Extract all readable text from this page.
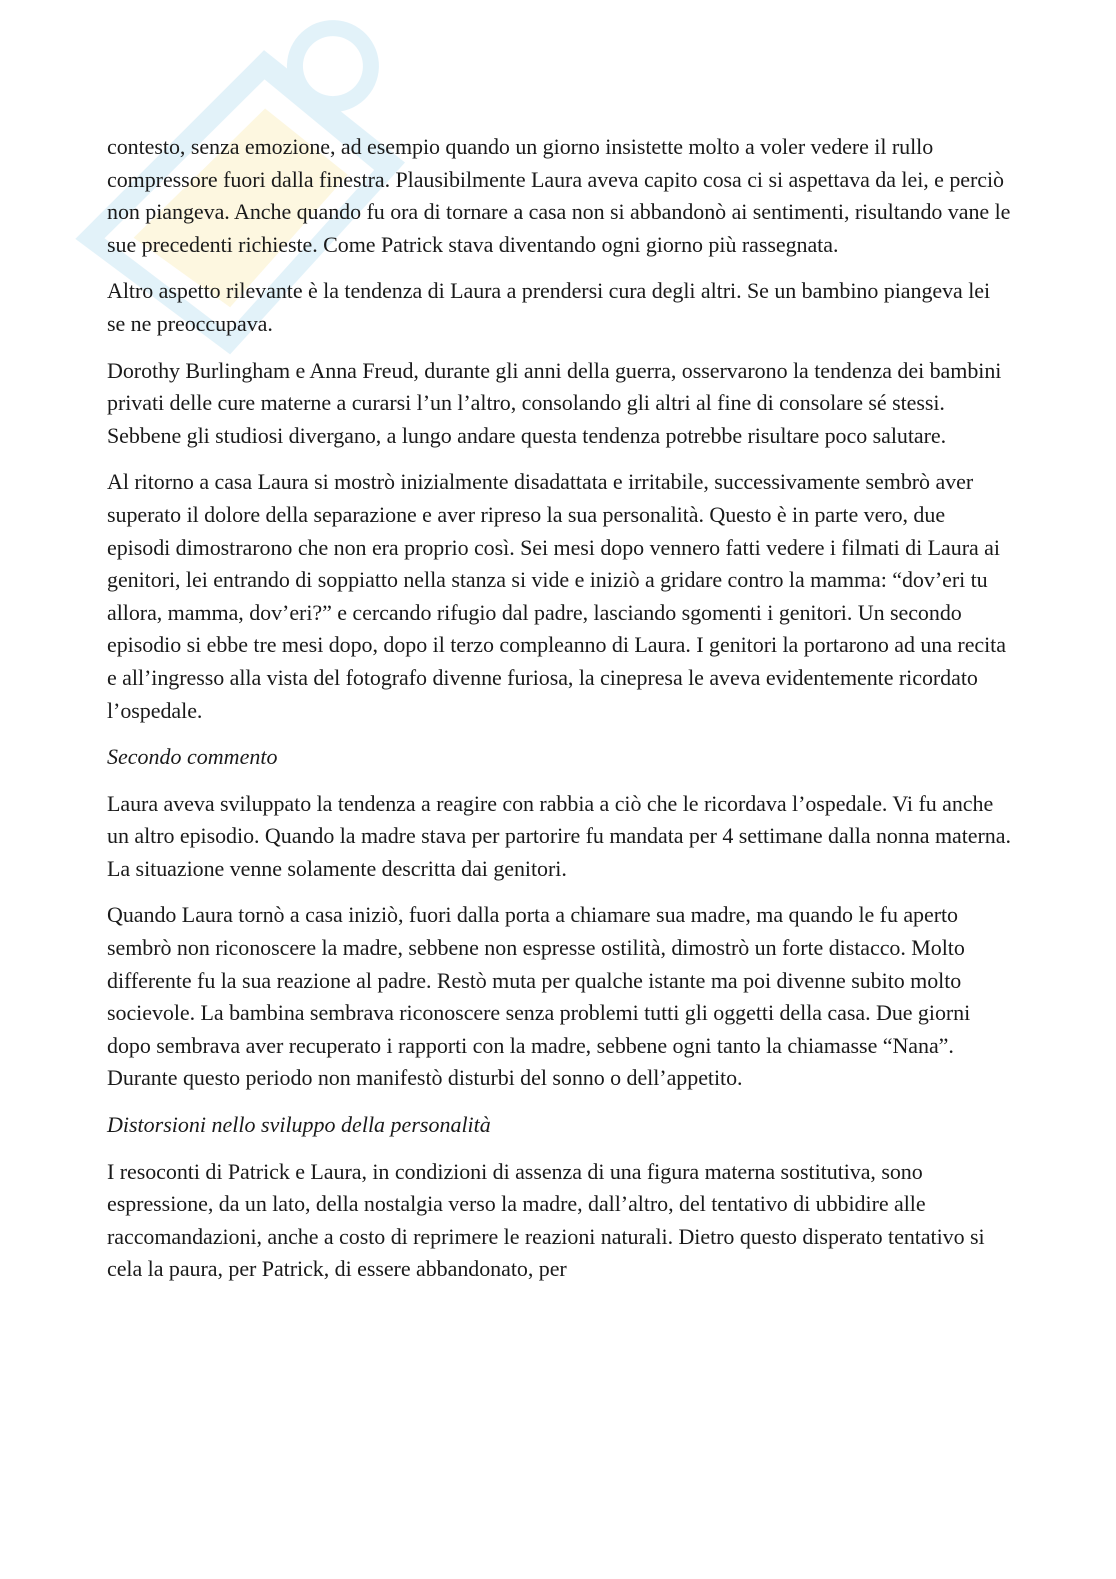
contesto, senza emozione, ad esempio quando un giorno insistette molto a voler vedere il rullo compressore fuori dalla finestra. Plausibilmente Laura aveva capito cosa ci si aspettava da lei, e perciò non piangeva. Anche quando fu ora di tornare a casa non si abbandonò ai sentimenti, risultando vane le sue precedenti richieste. Come Patrick stava diventando ogni giorno più rassegnata.

Altro aspetto rilevante è la tendenza di Laura a prendersi cura degli altri. Se un bambino piangeva lei se ne preoccupava.

Dorothy Burlingham e Anna Freud, durante gli anni della guerra, osservarono la tendenza dei bambini privati delle cure materne a curarsi l’un l’altro, consolando gli altri al fine di consolare sé stessi. Sebbene gli studiosi divergano, a lungo andare questa tendenza potrebbe risultare poco salutare.

Al ritorno a casa Laura si mostrò inizialmente disadattata e irritabile, successivamente sembrò aver superato il dolore della separazione e aver ripreso la sua personalità. Questo è in parte vero, due episodi dimostrarono che non era proprio così. Sei mesi dopo vennero fatti vedere i filmati di Laura ai genitori, lei entrando di soppiatto nella stanza si vide e iniziò a gridare contro la mamma: “dov’eri tu allora, mamma, dov’eri?” e cercando rifugio dal padre, lasciando sgomenti i genitori. Un secondo episodio si ebbe tre mesi dopo, dopo il terzo compleanno di Laura. I genitori la portarono ad una recita e all’ingresso alla vista del fotografo divenne furiosa, la cinepresa le aveva evidentemente ricordato l’ospedale.

Secondo commento

Laura aveva sviluppato la tendenza a reagire con rabbia a ciò che le ricordava l’ospedale. Vi fu anche un altro episodio. Quando la madre stava per partorire fu mandata per 4 settimane dalla nonna materna. La situazione venne solamente descritta dai genitori.

Quando Laura tornò a casa iniziò, fuori dalla porta a chiamare sua madre, ma quando le fu aperto sembrò non riconoscere la madre, sebbene non espresse ostilità, dimostrò un forte distacco. Molto differente fu la sua reazione al padre. Restò muta per qualche istante ma poi divenne subito molto socievole. La bambina sembrava riconoscere senza problemi tutti gli oggetti della casa. Due giorni dopo sembrava aver recuperato i rapporti con la madre, sebbene ogni tanto la chiamasse “Nana”. Durante questo periodo non manifestò disturbi del sonno o dell’appetito.

Distorsioni nello sviluppo della personalità

I resoconti di Patrick e Laura, in condizioni di assenza di una figura materna sostitutiva, sono espressione, da un lato, della nostalgia verso la madre, dall’altro, del tentativo di ubbidire alle raccomandazioni, anche a costo di reprimere le reazioni naturali. Dietro questo disperato tentativo si cela la paura, per Patrick, di essere abbandonato, per
